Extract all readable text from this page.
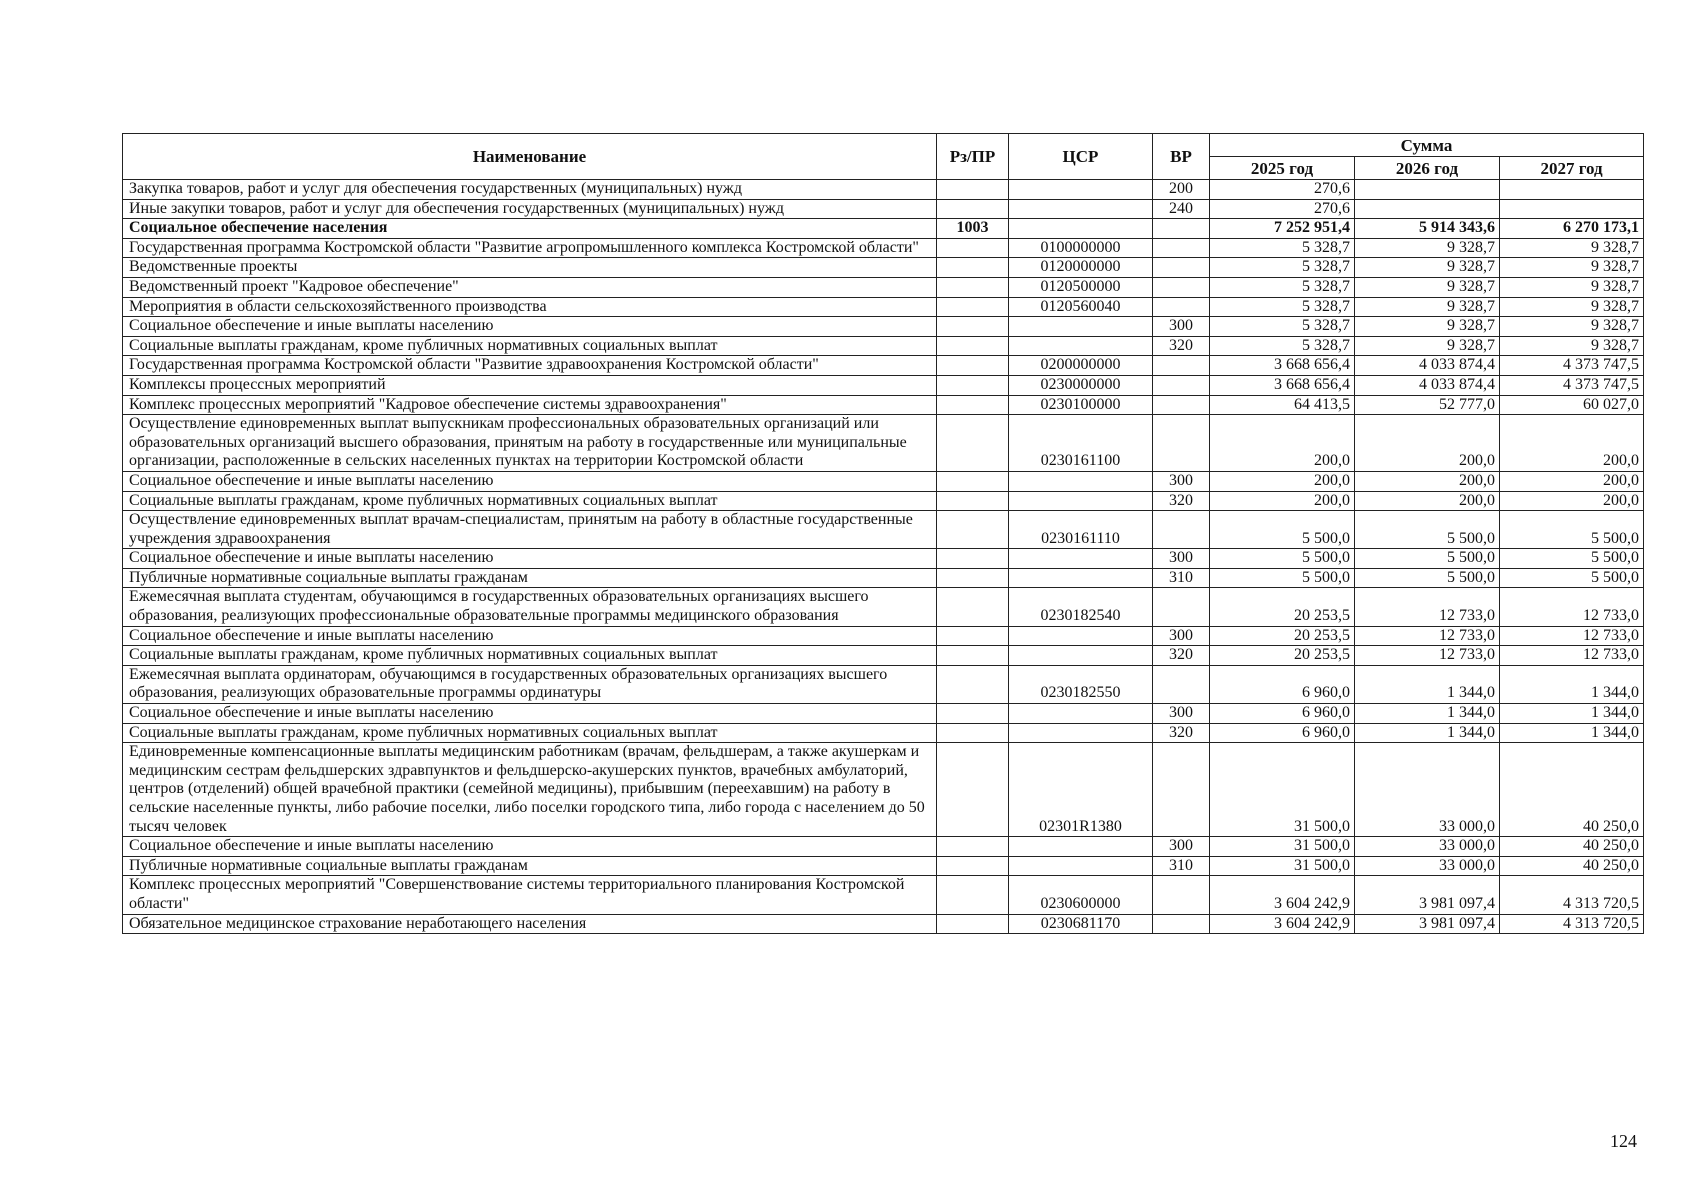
Наименование	Рз/ПР	ЦСР	ВР	Сумма		
				2025 год	2026 год	2027 год
Закупка товаров, работ и услуг для обеспечения государственных (муниципальных) нужд			200	270,6		
Иные закупки товаров, работ и услуг для обеспечения государственных (муниципальных) нужд			240	270,6		
Социальное обеспечение населения	1003			7 252 951,4	5 914 343,6	6 270 173,1
Государственная программа Костромской области "Развитие агропромышленного комплекса Костромской области"		0100000000		5 328,7	9 328,7	9 328,7
Ведомственные проекты		0120000000		5 328,7	9 328,7	9 328,7
Ведомственный проект "Кадровое обеспечение"		0120500000		5 328,7	9 328,7	9 328,7
Мероприятия в области сельскохозяйственного производства		0120560040		5 328,7	9 328,7	9 328,7
Социальное обеспечение и иные выплаты населению			300	5 328,7	9 328,7	9 328,7
Социальные выплаты гражданам, кроме публичных нормативных социальных выплат			320	5 328,7	9 328,7	9 328,7
Государственная программа Костромской области "Развитие здравоохранения Костромской области"		0200000000		3 668 656,4	4 033 874,4	4 373 747,5
Комплексы процессных мероприятий		0230000000		3 668 656,4	4 033 874,4	4 373 747,5
Комплекс процессных мероприятий "Кадровое обеспечение системы здравоохранения"		0230100000		64 413,5	52 777,0	60 027,0
Осуществление единовременных выплат выпускникам профессиональных образовательных организаций или образовательных организаций высшего образования, принятым на работу в государственные или муниципальные организации, расположенные в сельских населенных пунктах на территории Костромской области		0230161100		200,0	200,0	200,0
Социальное обеспечение и иные выплаты населению			300	200,0	200,0	200,0
Социальные выплаты гражданам, кроме публичных нормативных социальных выплат			320	200,0	200,0	200,0
Осуществление единовременных выплат врачам-специалистам, принятым на работу в областные государственные учреждения здравоохранения		0230161110		5 500,0	5 500,0	5 500,0
Социальное обеспечение и иные выплаты населению			300	5 500,0	5 500,0	5 500,0
Публичные нормативные социальные выплаты гражданам			310	5 500,0	5 500,0	5 500,0
Ежемесячная выплата студентам, обучающимся в государственных образовательных организациях высшего образования, реализующих профессиональные образовательные программы медицинского образования		0230182540		20 253,5	12 733,0	12 733,0
Социальное обеспечение и иные выплаты населению			300	20 253,5	12 733,0	12 733,0
Социальные выплаты гражданам, кроме публичных нормативных социальных выплат			320	20 253,5	12 733,0	12 733,0
Ежемесячная выплата ординаторам, обучающимся в государственных образовательных организациях высшего образования, реализующих образовательные программы ординатуры		0230182550		6 960,0	1 344,0	1 344,0
Социальное обеспечение и иные выплаты населению			300	6 960,0	1 344,0	1 344,0
Социальные выплаты гражданам, кроме публичных нормативных социальных выплат			320	6 960,0	1 344,0	1 344,0
Единовременные компенсационные выплаты медицинским работникам (врачам, фельдшерам, а также акушеркам и медицинским сестрам фельдшерских здравпунктов и фельдшерско-акушерских пунктов, врачебных амбулаторий, центров (отделений) общей врачебной практики (семейной медицины), прибывшим (переехавшим) на работу в сельские населенные пункты, либо рабочие поселки, либо поселки городского типа, либо города с населением до 50 тысяч человек		02301R1380		31 500,0	33 000,0	40 250,0
Социальное обеспечение и иные выплаты населению			300	31 500,0	33 000,0	40 250,0
Публичные нормативные социальные выплаты гражданам			310	31 500,0	33 000,0	40 250,0
Комплекс процессных мероприятий "Совершенствование системы территориального планирования Костромской области"		0230600000		3 604 242,9	3 981 097,4	4 313 720,5
Обязательное медицинское страхование неработающего населения		0230681170		3 604 242,9	3 981 097,4	4 313 720,5
124
